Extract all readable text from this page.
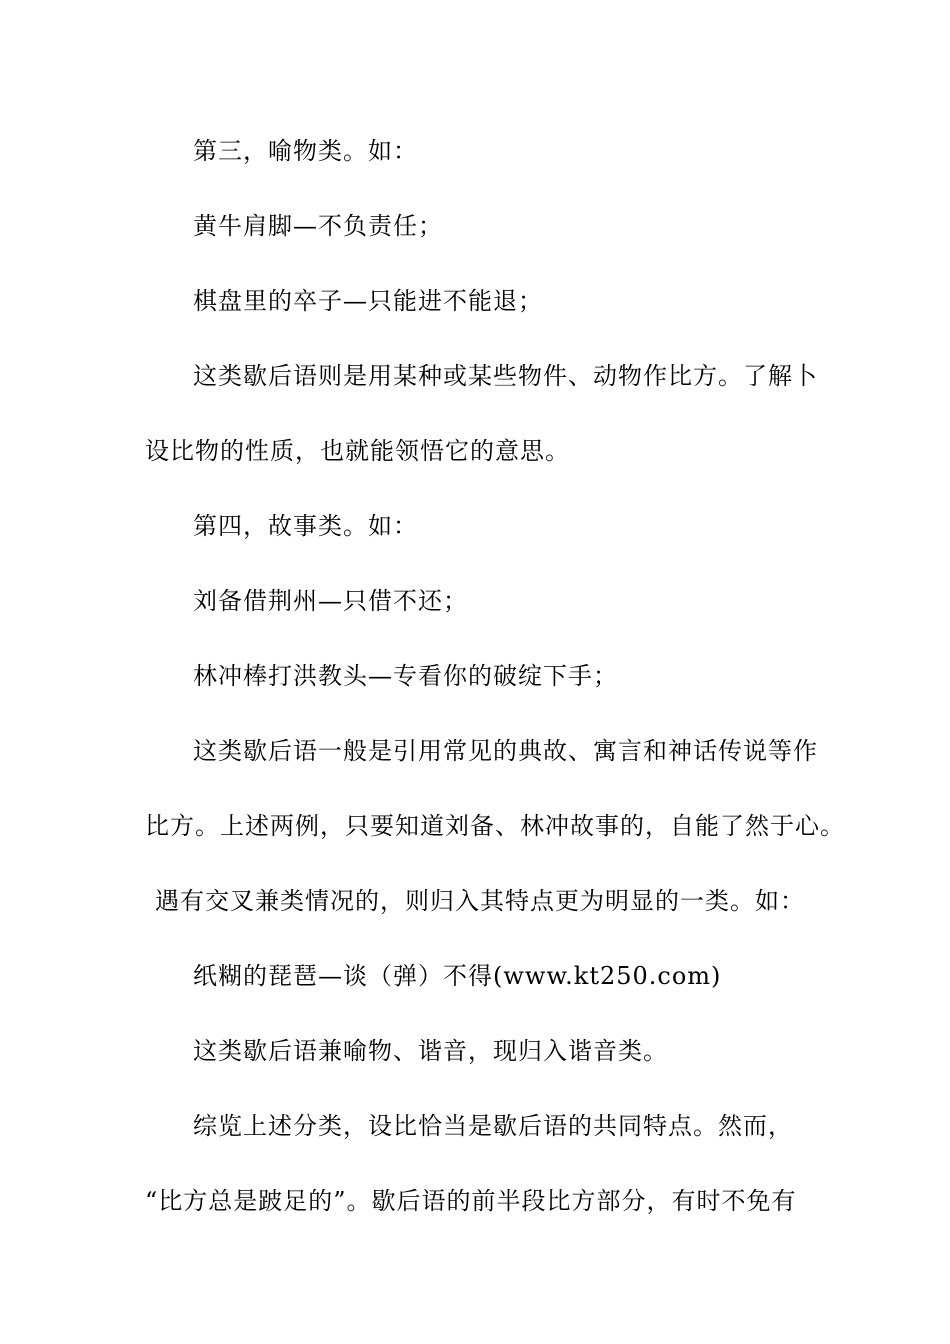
第三，喻物类。如：
黄牛肩脚—不负责任；
棋盘里的卒子—只能进不能退；
这类歇后语则是用某种或某些物件、动物作比方。了解卜
设比物的性质，也就能领悟它的意思。
第四，故事类。如：
刘备借荆州—只借不还；
林冲棒打洪教头—专看你的破绽下手；
这类歇后语一般是引用常见的典故、寓言和神话传说等作
比方。上述两例，只要知道刘备、林冲故事的，自能了然于心。
遇有交叉兼类情况的，则归入其特点更为明显的一类。如：
纸糊的琵琶—谈（弹）不得(www.kt250.com)
这类歇后语兼喻物、谐音，现归入谐音类。
综览上述分类，设比恰当是歇后语的共同特点。然而，
“比方总是跛足的”。歇后语的前半段比方部分，有时不免有
